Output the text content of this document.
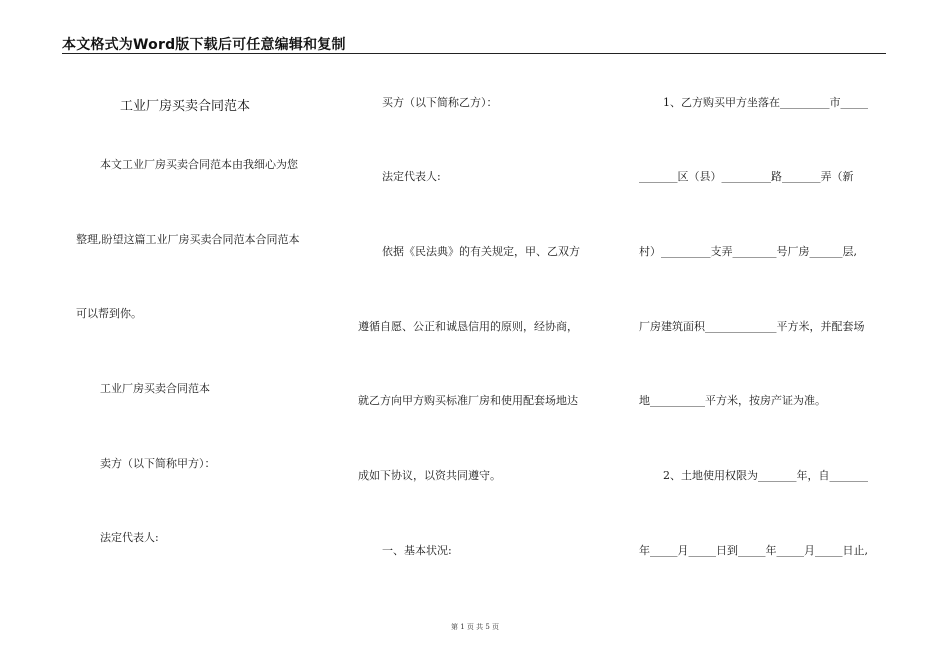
本文格式为Word版下载后可任意编辑和复制
工业厂房买卖合同范本
本文工业厂房买卖合同范本由我细心为您
整理,盼望这篇工业厂房买卖合同范本合同范本
可以帮到你。
工业厂房买卖合同范本
卖方（以下简称甲方）：
法定代表人:
买方（以下简称乙方）：
法定代表人:
依据《民法典》的有关规定，甲、乙双方
遵循自愿、公正和诚恳信用的原则，经协商，
就乙方向甲方购买标准厂房和使用配套场地达
成如下协议，以资共同遵守。
一、基本状况:
1、乙方购买甲方坐落在_________市_____
_______区（县）_________路_______弄（新
村）_________支弄________号厂房______层,
厂房建筑面积_____________平方米，并配套场
地__________平方米，按房产证为准。
2、土地使用权限为_______年，自_______
年_____月_____日到_____年_____月_____日止,
第 1 页 共 5 页
